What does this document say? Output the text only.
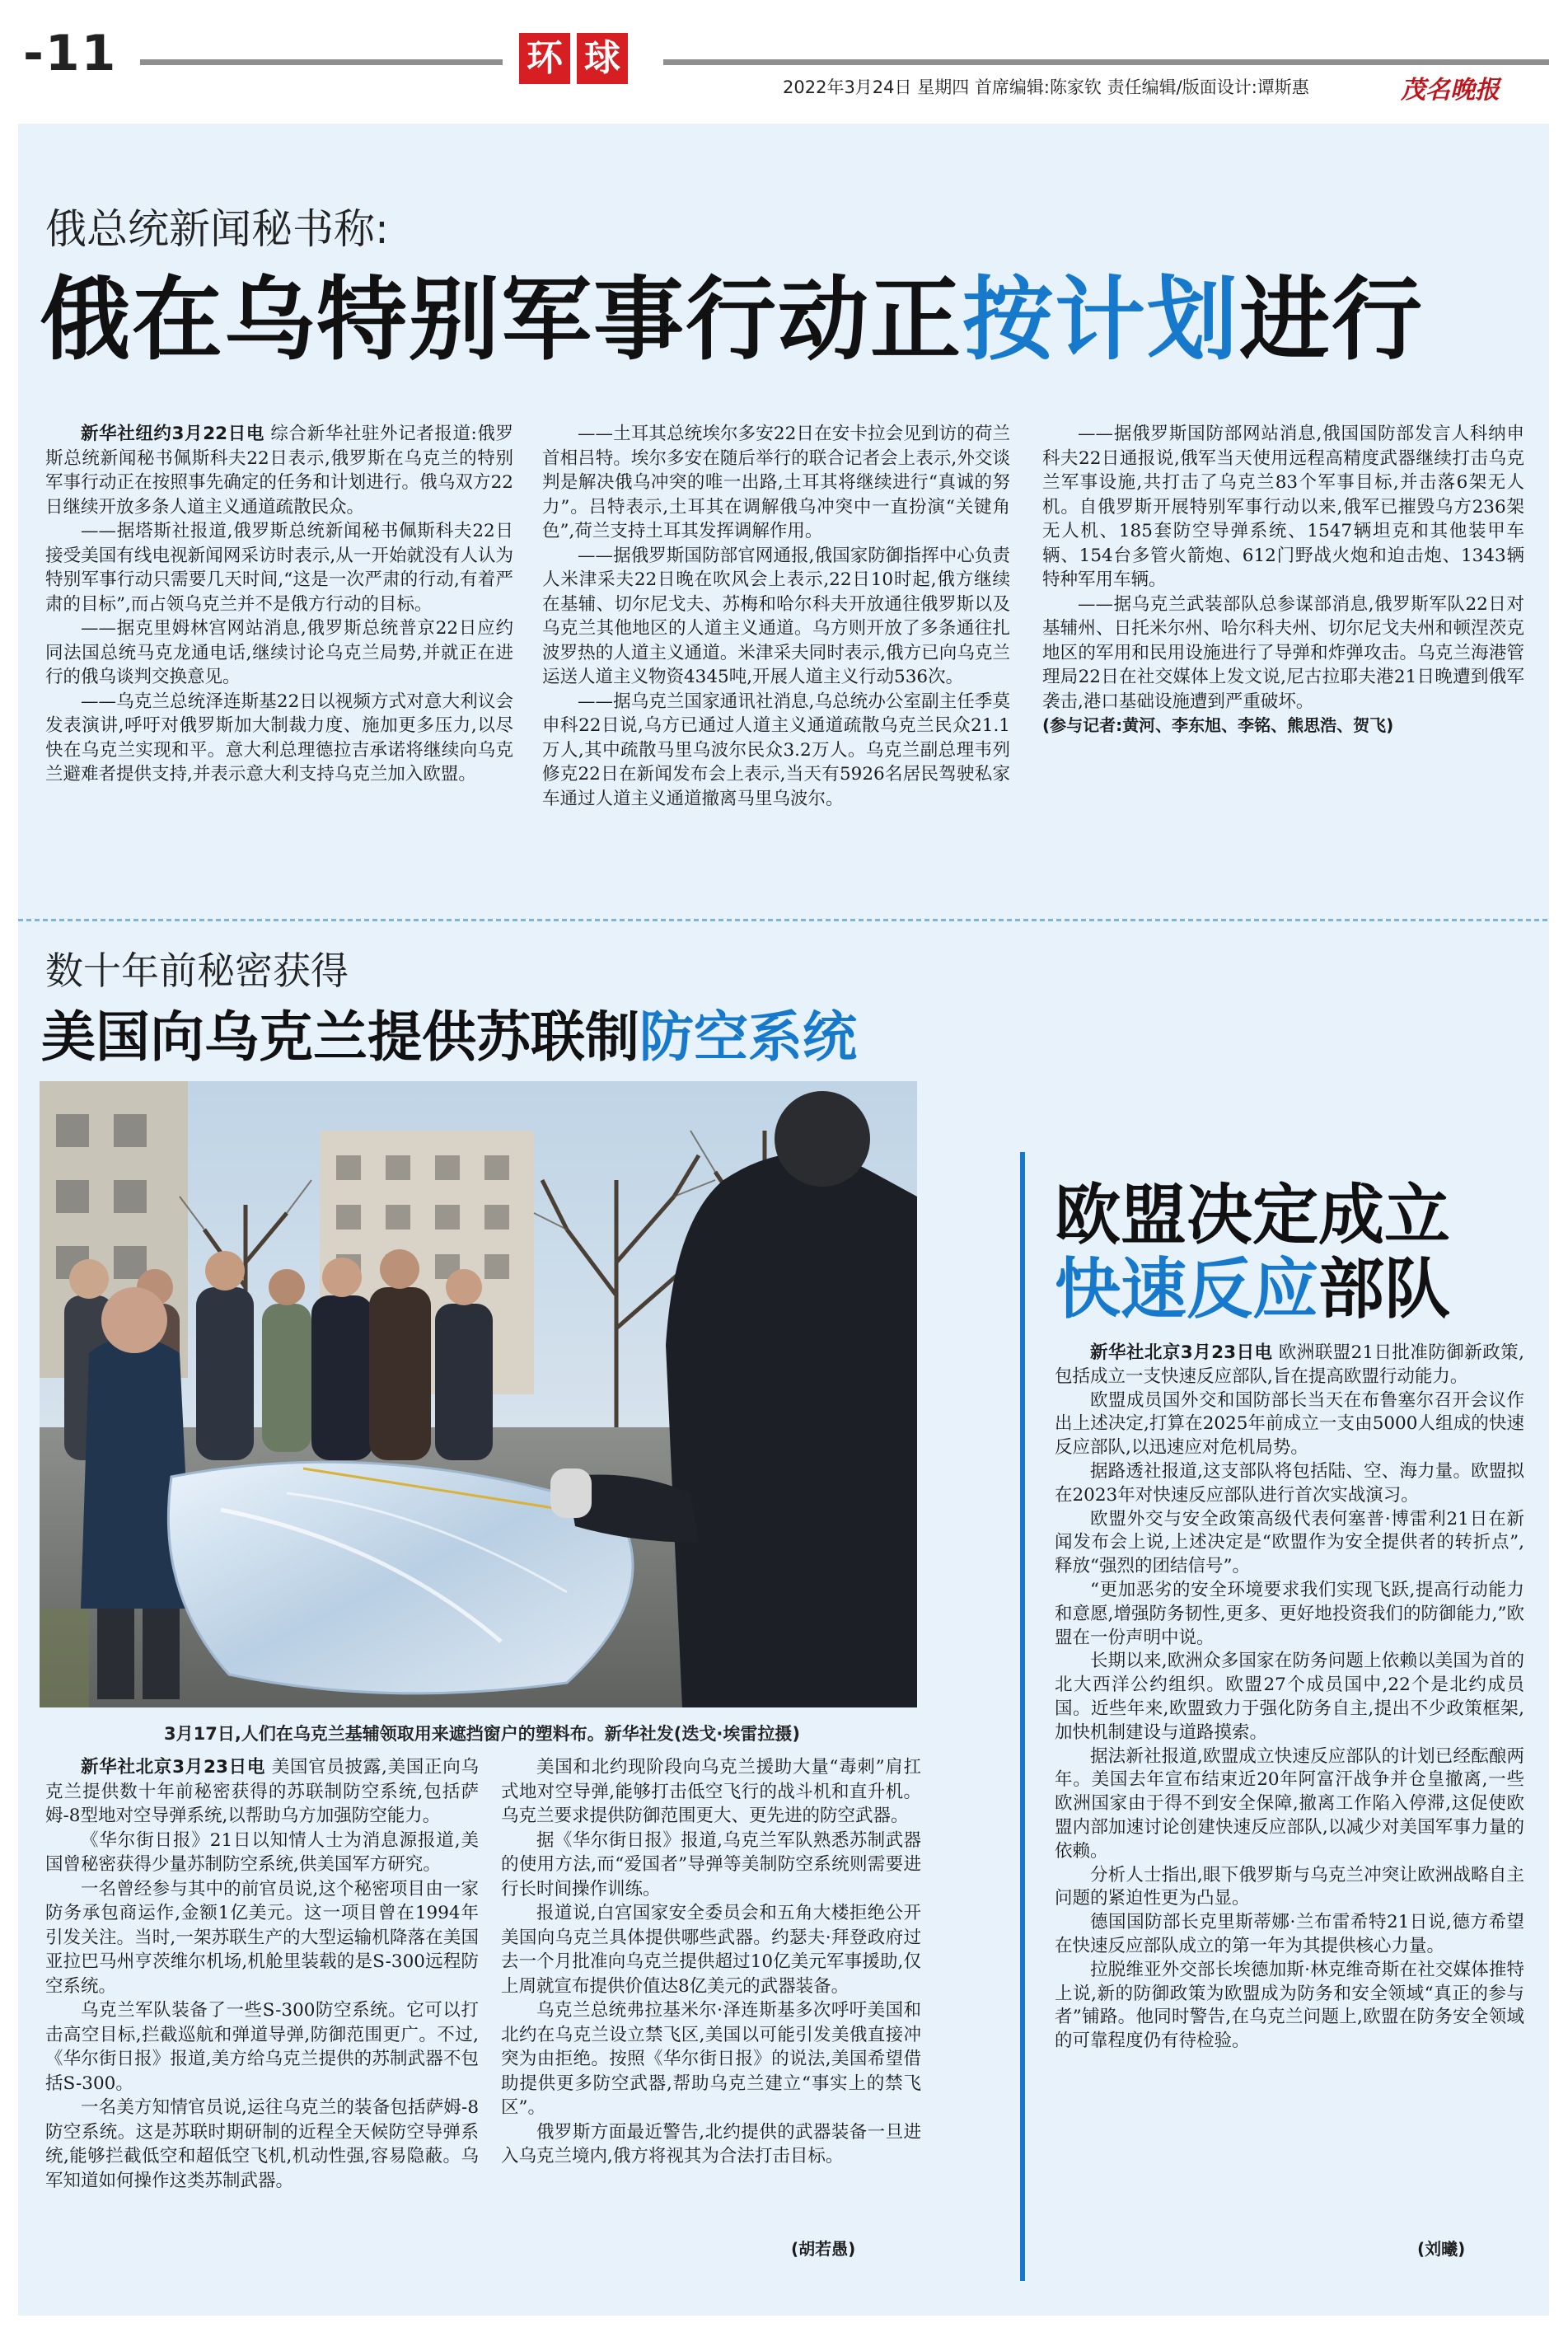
-11	环 球
2022年3月24日 星期四 首席编辑:陈家钦 责任编辑/版面设计:谭斯惠	茂名晚报
俄总统新闻秘书称:
俄在乌特别军事行动正按计划进行

新华社纽约3月22日电 综合新华社驻外记者报道:俄罗斯总统新闻秘书佩斯科夫22日表示,俄罗斯在乌克兰的特别军事行动正在按照事先确定的任务和计划进行。俄乌双方22日继续开放多条人道主义通道疏散民众。

——据塔斯社报道,俄罗斯总统新闻秘书佩斯科夫22日接受美国有线电视新闻网采访时表示,从一开始就没有人认为特别军事行动只需要几天时间,“这是一次严肃的行动,有着严肃的目标”,而占领乌克兰并不是俄方行动的目标。

——据克里姆林宫网站消息,俄罗斯总统普京22日应约同法国总统马克龙通电话,继续讨论乌克兰局势,并就正在进行的俄乌谈判交换意见。

——乌克兰总统泽连斯基22日以视频方式对意大利议会发表演讲,呼吁对俄罗斯加大制裁力度、施加更多压力,以尽快在乌克兰实现和平。意大利总理德拉吉承诺将继续向乌克兰避难者提供支持,并表示意大利支持乌克兰加入欧盟。

——土耳其总统埃尔多安22日在安卡拉会见到访的荷兰首相吕特。埃尔多安在随后举行的联合记者会上表示,外交谈判是解决俄乌冲突的唯一出路,土耳其将继续进行“真诚的努力”。吕特表示,土耳其在调解俄乌冲突中一直扮演“关键角色”,荷兰支持土耳其发挥调解作用。

——据俄罗斯国防部官网通报,俄国家防御指挥中心负责人米津采夫22日晚在吹风会上表示,22日10时起,俄方继续在基辅、切尔尼戈夫、苏梅和哈尔科夫开放通往俄罗斯以及乌克兰其他地区的人道主义通道。乌方则开放了多条通往扎波罗热的人道主义通道。米津采夫同时表示,俄方已向乌克兰运送人道主义物资4345吨,开展人道主义行动536次。

——据乌克兰国家通讯社消息,乌总统办公室副主任季莫申科22日说,乌方已通过人道主义通道疏散乌克兰民众21.1万人,其中疏散马里乌波尔民众3.2万人。乌克兰副总理韦列修克22日在新闻发布会上表示,当天有5926名居民驾驶私家车通过人道主义通道撤离马里乌波尔。

——据俄罗斯国防部网站消息,俄国国防部发言人科纳申科夫22日通报说,俄军当天使用远程高精度武器继续打击乌克兰军事设施,共打击了乌克兰83个军事目标,并击落6架无人机。自俄罗斯开展特别军事行动以来,俄军已摧毁乌方236架无人机、185套防空导弹系统、1547辆坦克和其他装甲车辆、154台多管火箭炮、612门野战火炮和迫击炮、1343辆特种军用车辆。

——据乌克兰武装部队总参谋部消息,俄罗斯军队22日对基辅州、日托米尔州、哈尔科夫州、切尔尼戈夫州和顿涅茨克地区的军用和民用设施进行了导弹和炸弹攻击。乌克兰海港管理局22日在社交媒体上发文说,尼古拉耶夫港21日晚遭到俄军袭击,港口基础设施遭到严重破坏。

(参与记者:黄河、李东旭、李铭、熊思浩、贺飞)

数十年前秘密获得
美国向乌克兰提供苏联制防空系统
3月17日,人们在乌克兰基辅领取用来遮挡窗户的塑料布。新华社发(迭戈·埃雷拉摄)

新华社北京3月23日电 美国官员披露,美国正向乌克兰提供数十年前秘密获得的苏联制防空系统,包括萨姆-8型地对空导弹系统,以帮助乌方加强防空能力。

《华尔街日报》21日以知情人士为消息源报道,美国曾秘密获得少量苏制防空系统,供美国军方研究。

一名曾经参与其中的前官员说,这个秘密项目由一家防务承包商运作,金额1亿美元。这一项目曾在1994年引发关注。当时,一架苏联生产的大型运输机降落在美国亚拉巴马州亨茨维尔机场,机舱里装载的是S-300远程防空系统。

乌克兰军队装备了一些S-300防空系统。它可以打击高空目标,拦截巡航和弹道导弹,防御范围更广。不过,《华尔街日报》报道,美方给乌克兰提供的苏制武器不包括S-300。

一名美方知情官员说,运往乌克兰的装备包括萨姆-8防空系统。这是苏联时期研制的近程全天候防空导弹系统,能够拦截低空和超低空飞机,机动性强,容易隐蔽。乌军知道如何操作这类苏制武器。

美国和北约现阶段向乌克兰援助大量“毒刺”肩扛式地对空导弹,能够打击低空飞行的战斗机和直升机。乌克兰要求提供防御范围更大、更先进的防空武器。

据《华尔街日报》报道,乌克兰军队熟悉苏制武器的使用方法,而“爱国者”导弹等美制防空系统则需要进行长时间操作训练。

报道说,白宫国家安全委员会和五角大楼拒绝公开美国向乌克兰具体提供哪些武器。约瑟夫·拜登政府过去一个月批准向乌克兰提供超过10亿美元军事援助,仅上周就宣布提供价值达8亿美元的武器装备。

乌克兰总统弗拉基米尔·泽连斯基多次呼吁美国和北约在乌克兰设立禁飞区,美国以可能引发美俄直接冲突为由拒绝。按照《华尔街日报》的说法,美国希望借助提供更多防空武器,帮助乌克兰建立“事实上的禁飞区”。

俄罗斯方面最近警告,北约提供的武器装备一旦进入乌克兰境内,俄方将视其为合法打击目标。

(胡若愚)
欧盟决定成立
快速反应部队

新华社北京3月23日电 欧洲联盟21日批准防御新政策,包括成立一支快速反应部队,旨在提高欧盟行动能力。

欧盟成员国外交和国防部长当天在布鲁塞尔召开会议作出上述决定,打算在2025年前成立一支由5000人组成的快速反应部队,以迅速应对危机局势。

据路透社报道,这支部队将包括陆、空、海力量。欧盟拟在2023年对快速反应部队进行首次实战演习。

欧盟外交与安全政策高级代表何塞普·博雷利21日在新闻发布会上说,上述决定是“欧盟作为安全提供者的转折点”,释放“强烈的团结信号”。

“更加恶劣的安全环境要求我们实现飞跃,提高行动能力和意愿,增强防务韧性,更多、更好地投资我们的防御能力,”欧盟在一份声明中说。

长期以来,欧洲众多国家在防务问题上依赖以美国为首的北大西洋公约组织。欧盟27个成员国中,22个是北约成员国。近些年来,欧盟致力于强化防务自主,提出不少政策框架,加快机制建设与道路摸索。

据法新社报道,欧盟成立快速反应部队的计划已经酝酿两年。美国去年宣布结束近20年阿富汗战争并仓皇撤离,一些欧洲国家由于得不到安全保障,撤离工作陷入停滞,这促使欧盟内部加速讨论创建快速反应部队,以减少对美国军事力量的依赖。

分析人士指出,眼下俄罗斯与乌克兰冲突让欧洲战略自主问题的紧迫性更为凸显。

德国国防部长克里斯蒂娜·兰布雷希特21日说,德方希望在快速反应部队成立的第一年为其提供核心力量。

拉脱维亚外交部长埃德加斯·林克维奇斯在社交媒体推特上说,新的防御政策为欧盟成为防务和安全领域“真正的参与者”铺路。他同时警告,在乌克兰问题上,欧盟在防务安全领域的可靠程度仍有待检验。

(刘曦)
